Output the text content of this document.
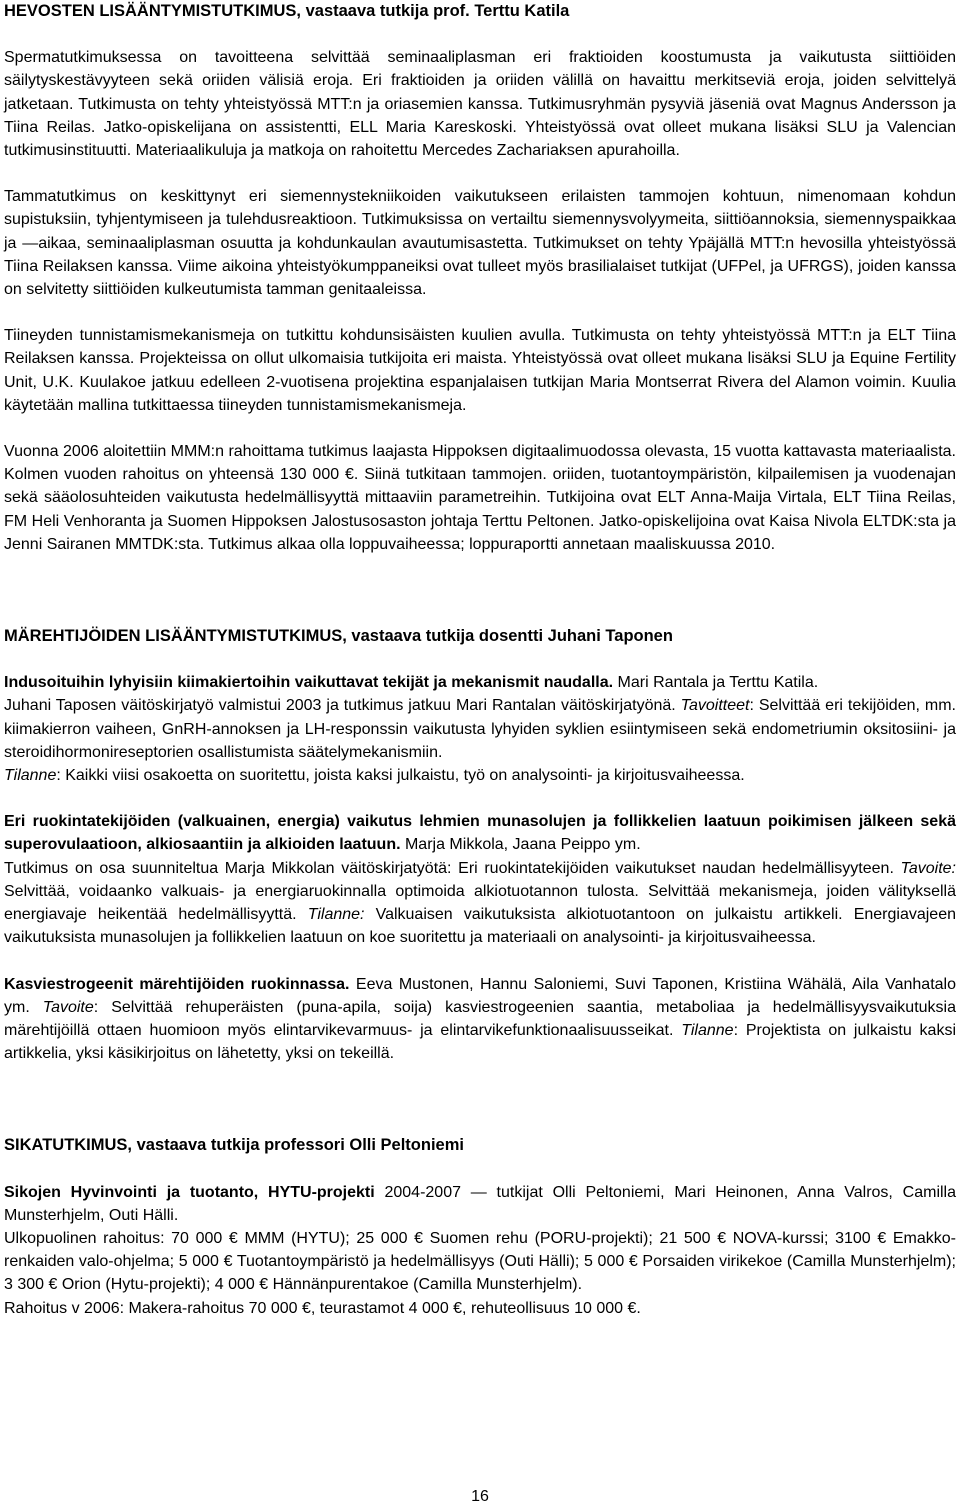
HEVOSTEN LISÄÄNTYMISTUTKIMUS, vastaava tutkija prof. Terttu Katila

Spermatutkimuksessa on tavoitteena selvittää seminaaliplasman eri fraktioiden koostumusta ja vaikutusta siittiöiden säilytyskestävyyteen sekä oriiden välisiä eroja. Eri fraktioiden ja oriiden välillä on havaittu merkitseviä eroja, joiden selvittelyä jatketaan. Tutkimusta on tehty yhteistyössä MTT:n ja oriasemien kanssa. Tutkimusryhmän pysyviä jäseniä ovat Magnus Andersson ja Tiina Reilas. Jatko-opiskelijana on assistentti, ELL Maria Kareskoski. Yhteistyössä ovat olleet mukana lisäksi SLU ja Valencian tutkimusinstituutti. Materiaalikuluja ja matkoja on rahoitettu Mercedes Zachariaksen apurahoilla.

Tammatutkimus on keskittynyt eri siemennystekniikoiden vaikutukseen erilaisten tammojen kohtuun, nimenomaan kohdun supistuksiin, tyhjentymiseen ja tulehdusreaktioon. Tutkimuksissa on vertailtu siemennysvolyymeita, siittiöannoksia, siemennyspaikkaa ja —aikaa, seminaaliplasman osuutta ja kohdunkaulan avautumisastetta. Tutkimukset on tehty Ypäjällä MTT:n hevosilla yhteistyössä Tiina Reilaksen kanssa. Viime aikoina yhteistyökumppaneiksi ovat tulleet myös brasilialaiset tutkijat (UFPel, ja UFRGS), joiden kanssa on selvitetty siittiöiden kulkeutumista tamman genitaaleissa.

Tiineyden tunnistamismekanismeja on tutkittu kohdunsisäisten kuulien avulla. Tutkimusta on tehty yhteistyössä MTT:n ja ELT Tiina Reilaksen kanssa. Projekteissa on ollut ulkomaisia tutkijoita eri maista. Yhteistyössä ovat olleet mukana lisäksi SLU ja Equine Fertility Unit, U.K. Kuulakoe jatkuu edelleen 2-vuotisena projektina espanjalaisen tutkijan Maria Montserrat Rivera del Alamon voimin. Kuulia käytetään mallina tutkittaessa tiineyden tunnistamismekanismeja.

Vuonna 2006 aloitettiin MMM:n rahoittama tutkimus laajasta Hippoksen digitaalimuodossa olevasta, 15 vuotta kattavasta materiaalista. Kolmen vuoden rahoitus on yhteensä 130 000 €. Siinä tutkitaan tammojen. oriiden, tuotantoympäristön, kilpailemisen ja vuodenajan sekä sääolosuhteiden vaikutusta hedelmällisyyttä mittaaviin parametreihin. Tutkijoina ovat ELT Anna-Maija Virtala, ELT Tiina Reilas, FM Heli Venhoranta ja Suomen Hippoksen Jalostusosaston johtaja Terttu Peltonen. Jatko-opiskelijoina ovat Kaisa Nivola ELTDK:sta ja Jenni Sairanen MMTDK:sta. Tutkimus alkaa olla loppuvaiheessa; loppuraportti annetaan maaliskuussa 2010.

MÄREHTIJÖIDEN LISÄÄNTYMISTUTKIMUS, vastaava tutkija dosentti Juhani Taponen

Indusoituihin lyhyisiin kiimakiertoihin vaikuttavat tekijät ja mekanismit naudalla. Mari Rantala ja Terttu Katila.

Juhani Taposen väitöskirjatyö valmistui 2003 ja tutkimus jatkuu Mari Rantalan väitöskirjatyönä. Tavoitteet: Selvittää eri tekijöiden, mm. kiimakierron vaiheen, GnRH-annoksen ja LH-responssin vaikutusta lyhyiden syklien esiintymiseen sekä endometriumin oksitosiini- ja steroidihormonireseptorien osallistumista säätelymekanismiin.
Tilanne: Kaikki viisi osakoetta on suoritettu, joista kaksi julkaistu, työ on analysointi- ja kirjoitusvaiheessa.

Eri ruokintatekijöiden (valkuainen, energia) vaikutus lehmien munasolujen ja follikkelien laatuun poikimisen jälkeen sekä superovulaatioon, alkiosaantiin ja alkioiden laatuun. Marja Mikkola, Jaana Peippo ym.
Tutkimus on osa suunniteltua Marja Mikkolan väitöskirjatyötä: Eri ruokintatekijöiden vaikutukset naudan hedelmällisyyteen. Tavoite: Selvittää, voidaanko valkuais- ja energiaruokinnalla optimoida alkiotuotannon tulosta. Selvittää mekanismeja, joiden välityksellä energiavaje heikentää hedelmällisyyttä. Tilanne: Valkuaisen vaikutuksista alkiotuotantoon on julkaistu artikkeli. Energiavajeen vaikutuksista munasolujen ja follikkelien laatuun on koe suoritettu ja materiaali on analysointi- ja kirjoitusvaiheessa.

Kasviestrogeenit märehtijöiden ruokinnassa. Eeva Mustonen, Hannu Saloniemi, Suvi Taponen, Kristiina Wähälä, Aila Vanhatalo ym. Tavoite: Selvittää rehuperäisten (puna-apila, soija) kasviestrogeenien saantia, metaboliaa ja hedelmällisyysvaikutuksia märehtijöillä ottaen huomioon myös elintarvikevarmuus- ja elintarvikefunktionaalisuusseikat. Tilanne: Projektista on julkaistu kaksi artikkelia, yksi käsikirjoitus on lähetetty, yksi on tekeillä.

SIKATUTKIMUS, vastaava tutkija professori Olli Peltoniemi

Sikojen Hyvinvointi ja tuotanto, HYTU-projekti 2004-2007 — tutkijat Olli Peltoniemi, Mari Heinonen, Anna Valros, Camilla Munsterhjelm, Outi Hälli.

Ulkopuolinen rahoitus: 70 000 € MMM (HYTU); 25 000 € Suomen rehu (PORU-projekti); 21 500 € NOVA-kurssi; 3100 € Emakko-renkaiden valo-ohjelma; 5 000 € Tuotantoympäristö ja hedelmällisyys (Outi Hälli); 5 000 € Porsaiden virikekoe (Camilla Munsterhjelm); 3 300 € Orion (Hytu-projekti); 4 000 € Hännänpurentakoe (Camilla Munsterhjelm).

Rahoitus v 2006: Makera-rahoitus 70 000 €, teurastamot 4 000 €, rehuteollisuus 10 000 €.

16
